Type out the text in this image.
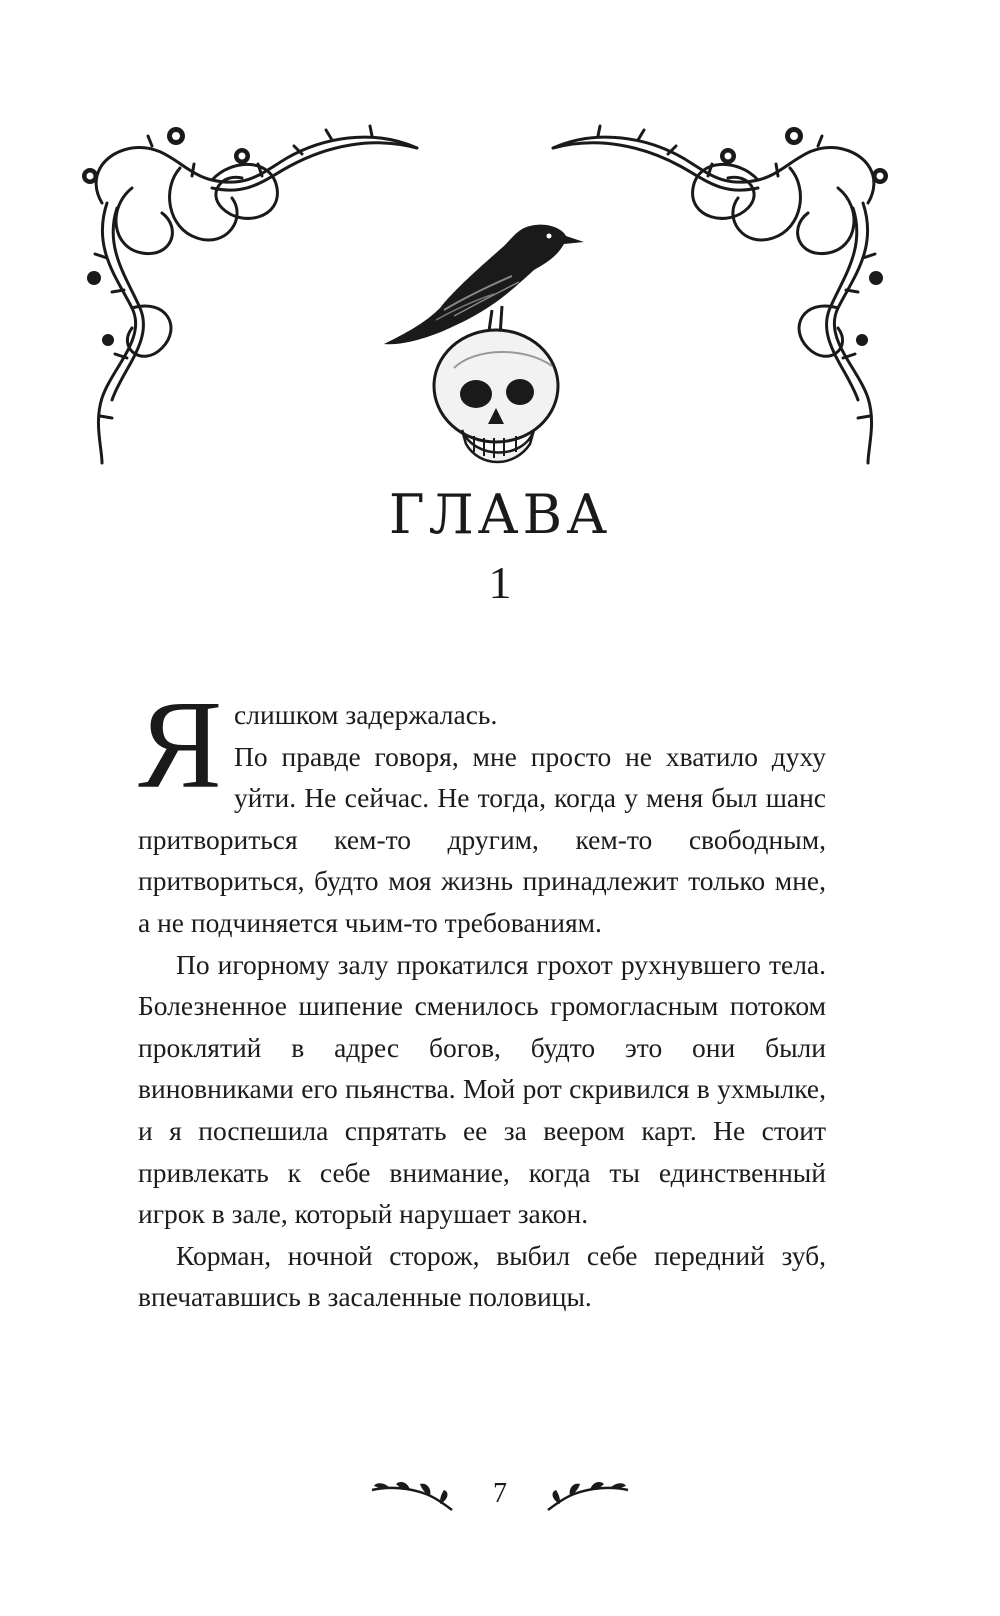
ГЛАВА
1

Я слишком задержалась.

По правде говоря, мне просто не хватило духу уйти. Не сейчас. Не тогда, когда у меня был шанс притвориться кем-то другим, кем-то свободным, притвориться, будто моя жизнь принадлежит только мне, а не подчиняется чьим-то требованиям.

По игорному залу прокатился грохот рухнувшего тела. Болезненное шипение сменилось громогласным потоком проклятий в адрес богов, будто это они были виновниками его пьянства. Мой рот скривился в ухмылке, и я поспешила спрятать ее за веером карт. Не стоит привлекать к себе внимание, когда ты единственный игрок в зале, который нарушает закон.

Корман, ночной сторож, выбил себе передний зуб, впечатавшись в засаленные половицы.

7
